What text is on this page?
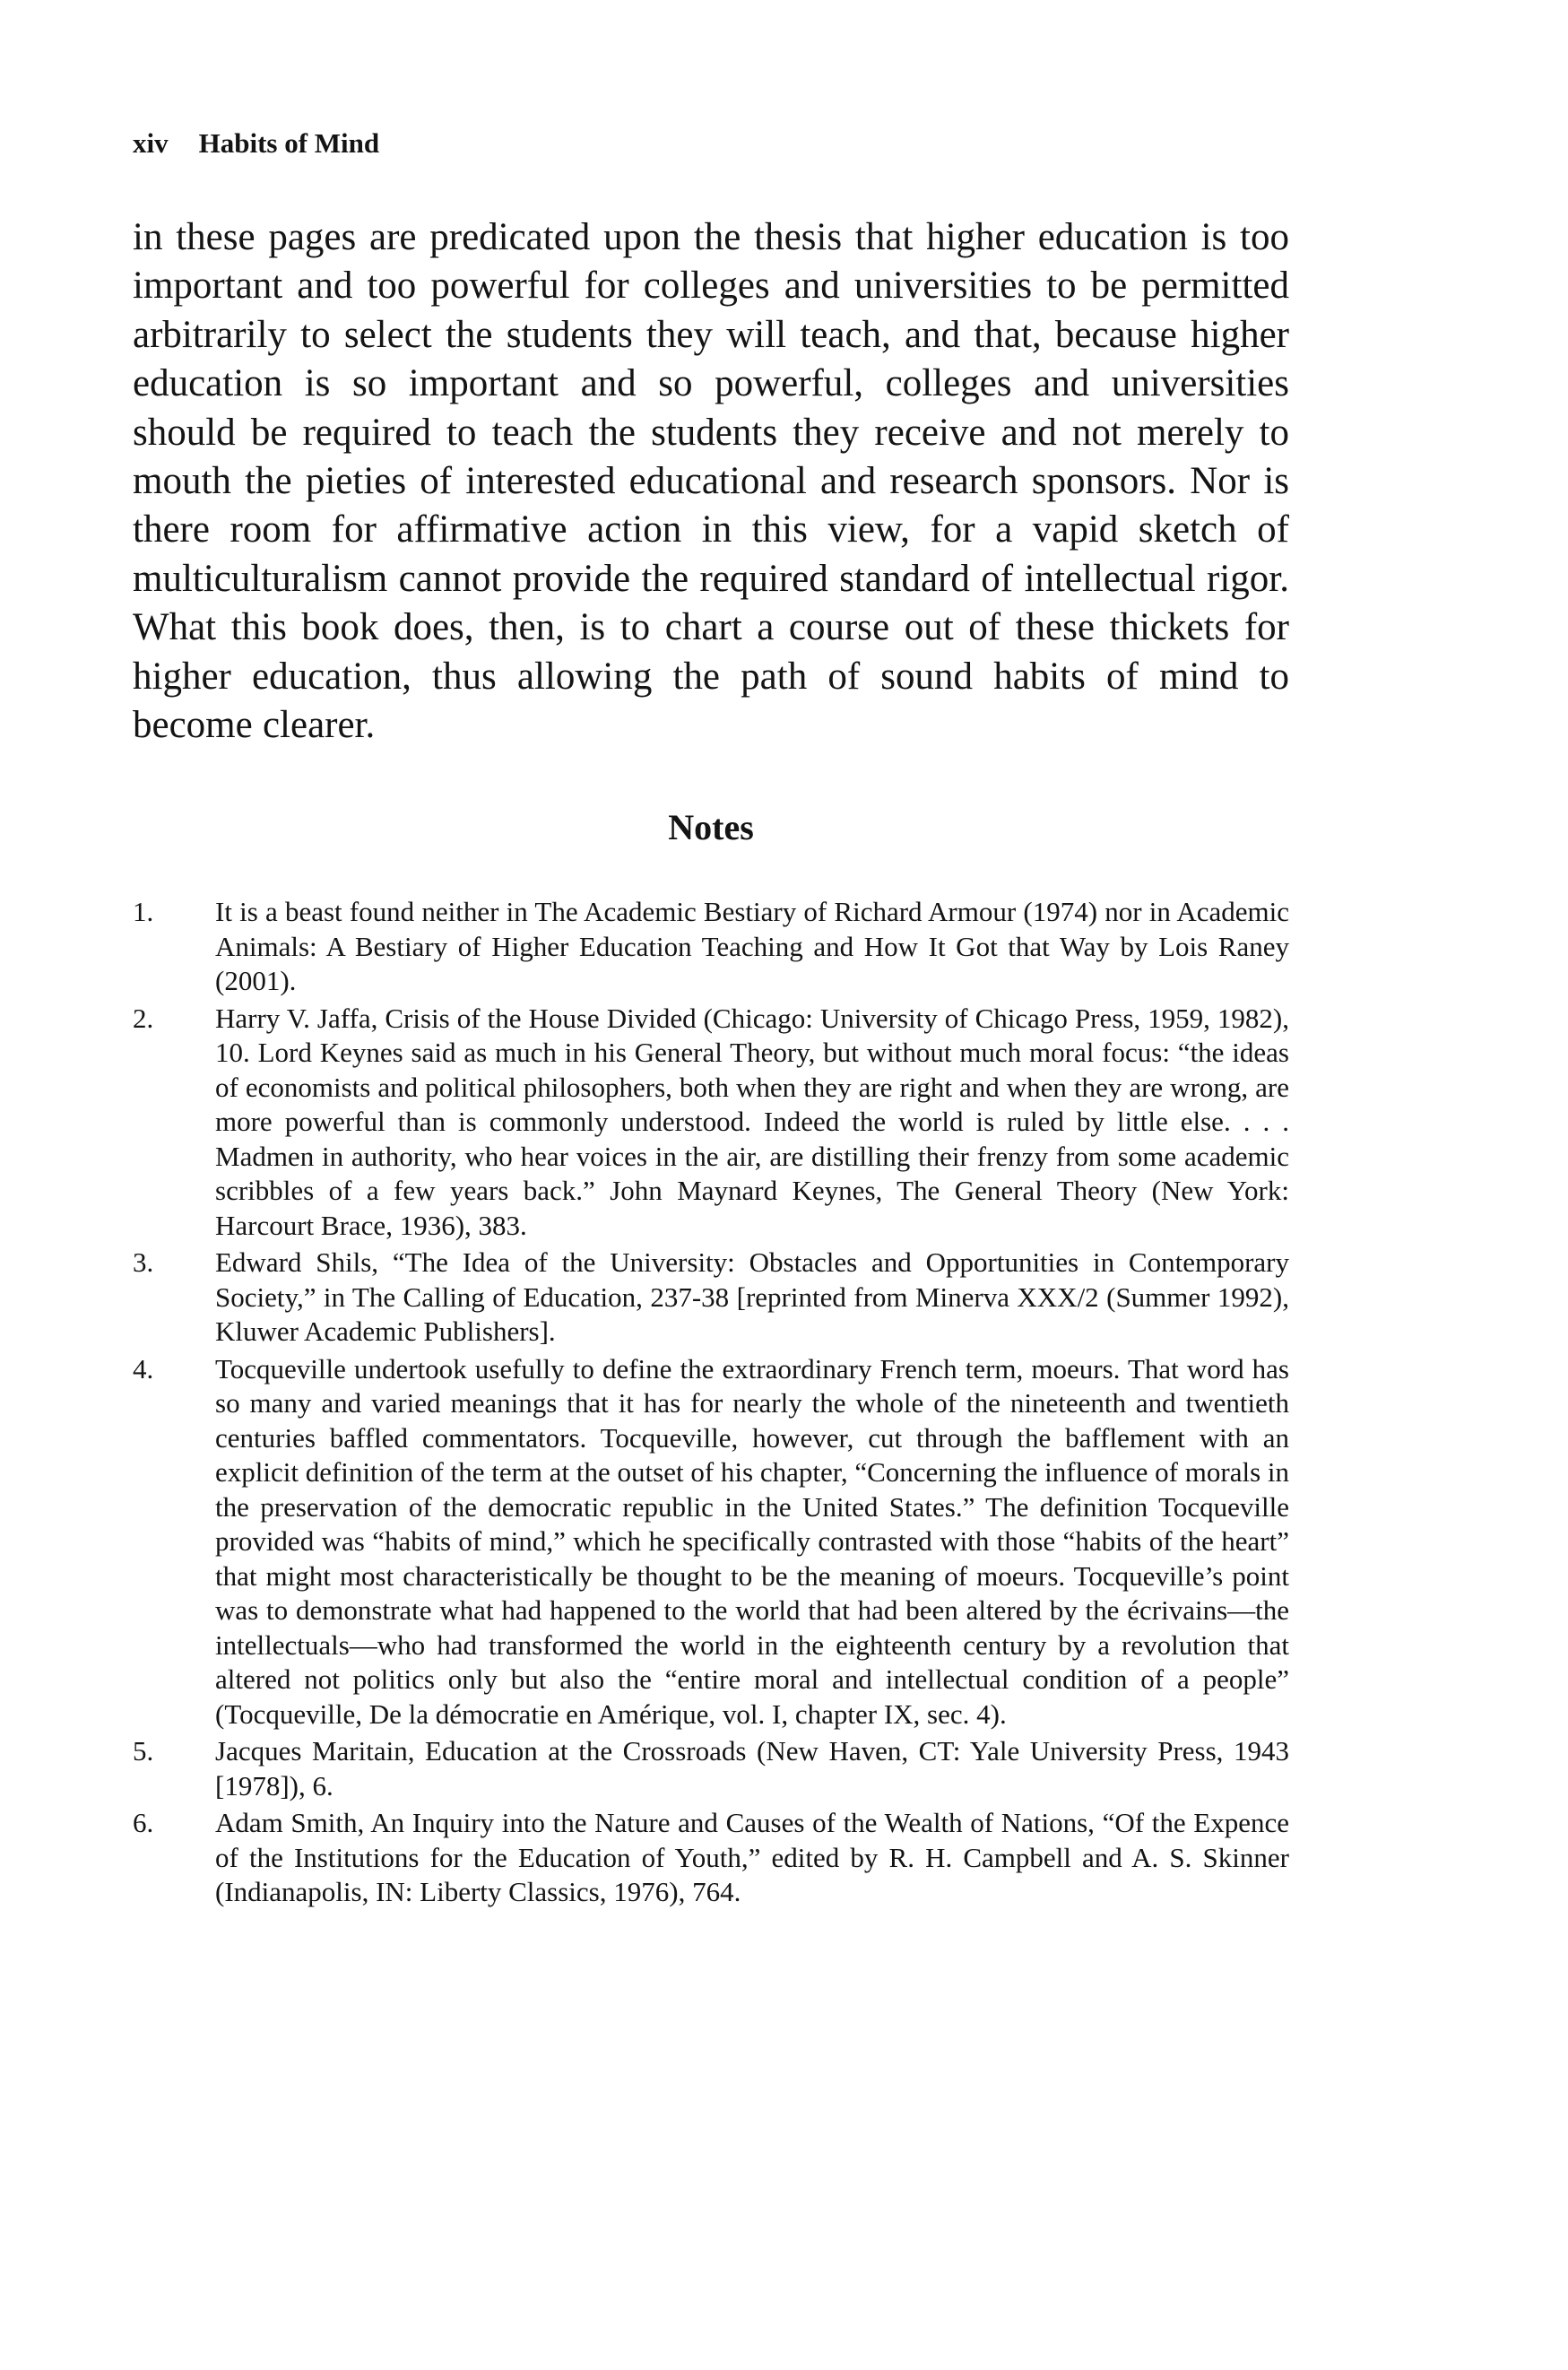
xiv Habits of Mind

in these pages are predicated upon the thesis that higher education is too important and too powerful for colleges and universities to be permitted arbitrarily to select the students they will teach, and that, because higher education is so important and so powerful, colleges and universities should be required to teach the students they receive and not merely to mouth the pieties of interested educational and research sponsors. Nor is there room for affirmative action in this view, for a vapid sketch of multiculturalism cannot provide the required standard of intellectual rigor. What this book does, then, is to chart a course out of these thickets for higher education, thus allowing the path of sound habits of mind to become clearer.

Notes
1. It is a beast found neither in The Academic Bestiary of Richard Armour (1974) nor in Academic Animals: A Bestiary of Higher Education Teaching and How It Got that Way by Lois Raney (2001).
2. Harry V. Jaffa, Crisis of the House Divided (Chicago: University of Chicago Press, 1959, 1982), 10. Lord Keynes said as much in his General Theory, but without much moral focus: “the ideas of economists and political philosophers, both when they are right and when they are wrong, are more powerful than is commonly understood. Indeed the world is ruled by little else. . . . Madmen in authority, who hear voices in the air, are distilling their frenzy from some academic scribbles of a few years back.” John Maynard Keynes, The General Theory (New York: Harcourt Brace, 1936), 383.
3. Edward Shils, “The Idea of the University: Obstacles and Opportunities in Contemporary Society,” in The Calling of Education, 237-38 [reprinted from Minerva XXX/2 (Summer 1992), Kluwer Academic Publishers].
4. Tocqueville undertook usefully to define the extraordinary French term, moeurs. That word has so many and varied meanings that it has for nearly the whole of the nineteenth and twentieth centuries baffled commentators. Tocqueville, however, cut through the bafflement with an explicit definition of the term at the outset of his chapter, “Concerning the influence of morals in the preservation of the democratic republic in the United States.” The definition Tocqueville provided was “habits of mind,” which he specifically contrasted with those “habits of the heart” that might most characteristically be thought to be the meaning of moeurs. Tocqueville’s point was to demonstrate what had happened to the world that had been altered by the écrivains—the intellectuals—who had transformed the world in the eighteenth century by a revolution that altered not politics only but also the “entire moral and intellectual condition of a people” (Tocqueville, De la démocratie en Amérique, vol. I, chapter IX, sec. 4).
5. Jacques Maritain, Education at the Crossroads (New Haven, CT: Yale University Press, 1943 [1978]), 6.
6. Adam Smith, An Inquiry into the Nature and Causes of the Wealth of Nations, “Of the Expence of the Institutions for the Education of Youth,” edited by R. H. Campbell and A. S. Skinner (Indianapolis, IN: Liberty Classics, 1976), 764.
